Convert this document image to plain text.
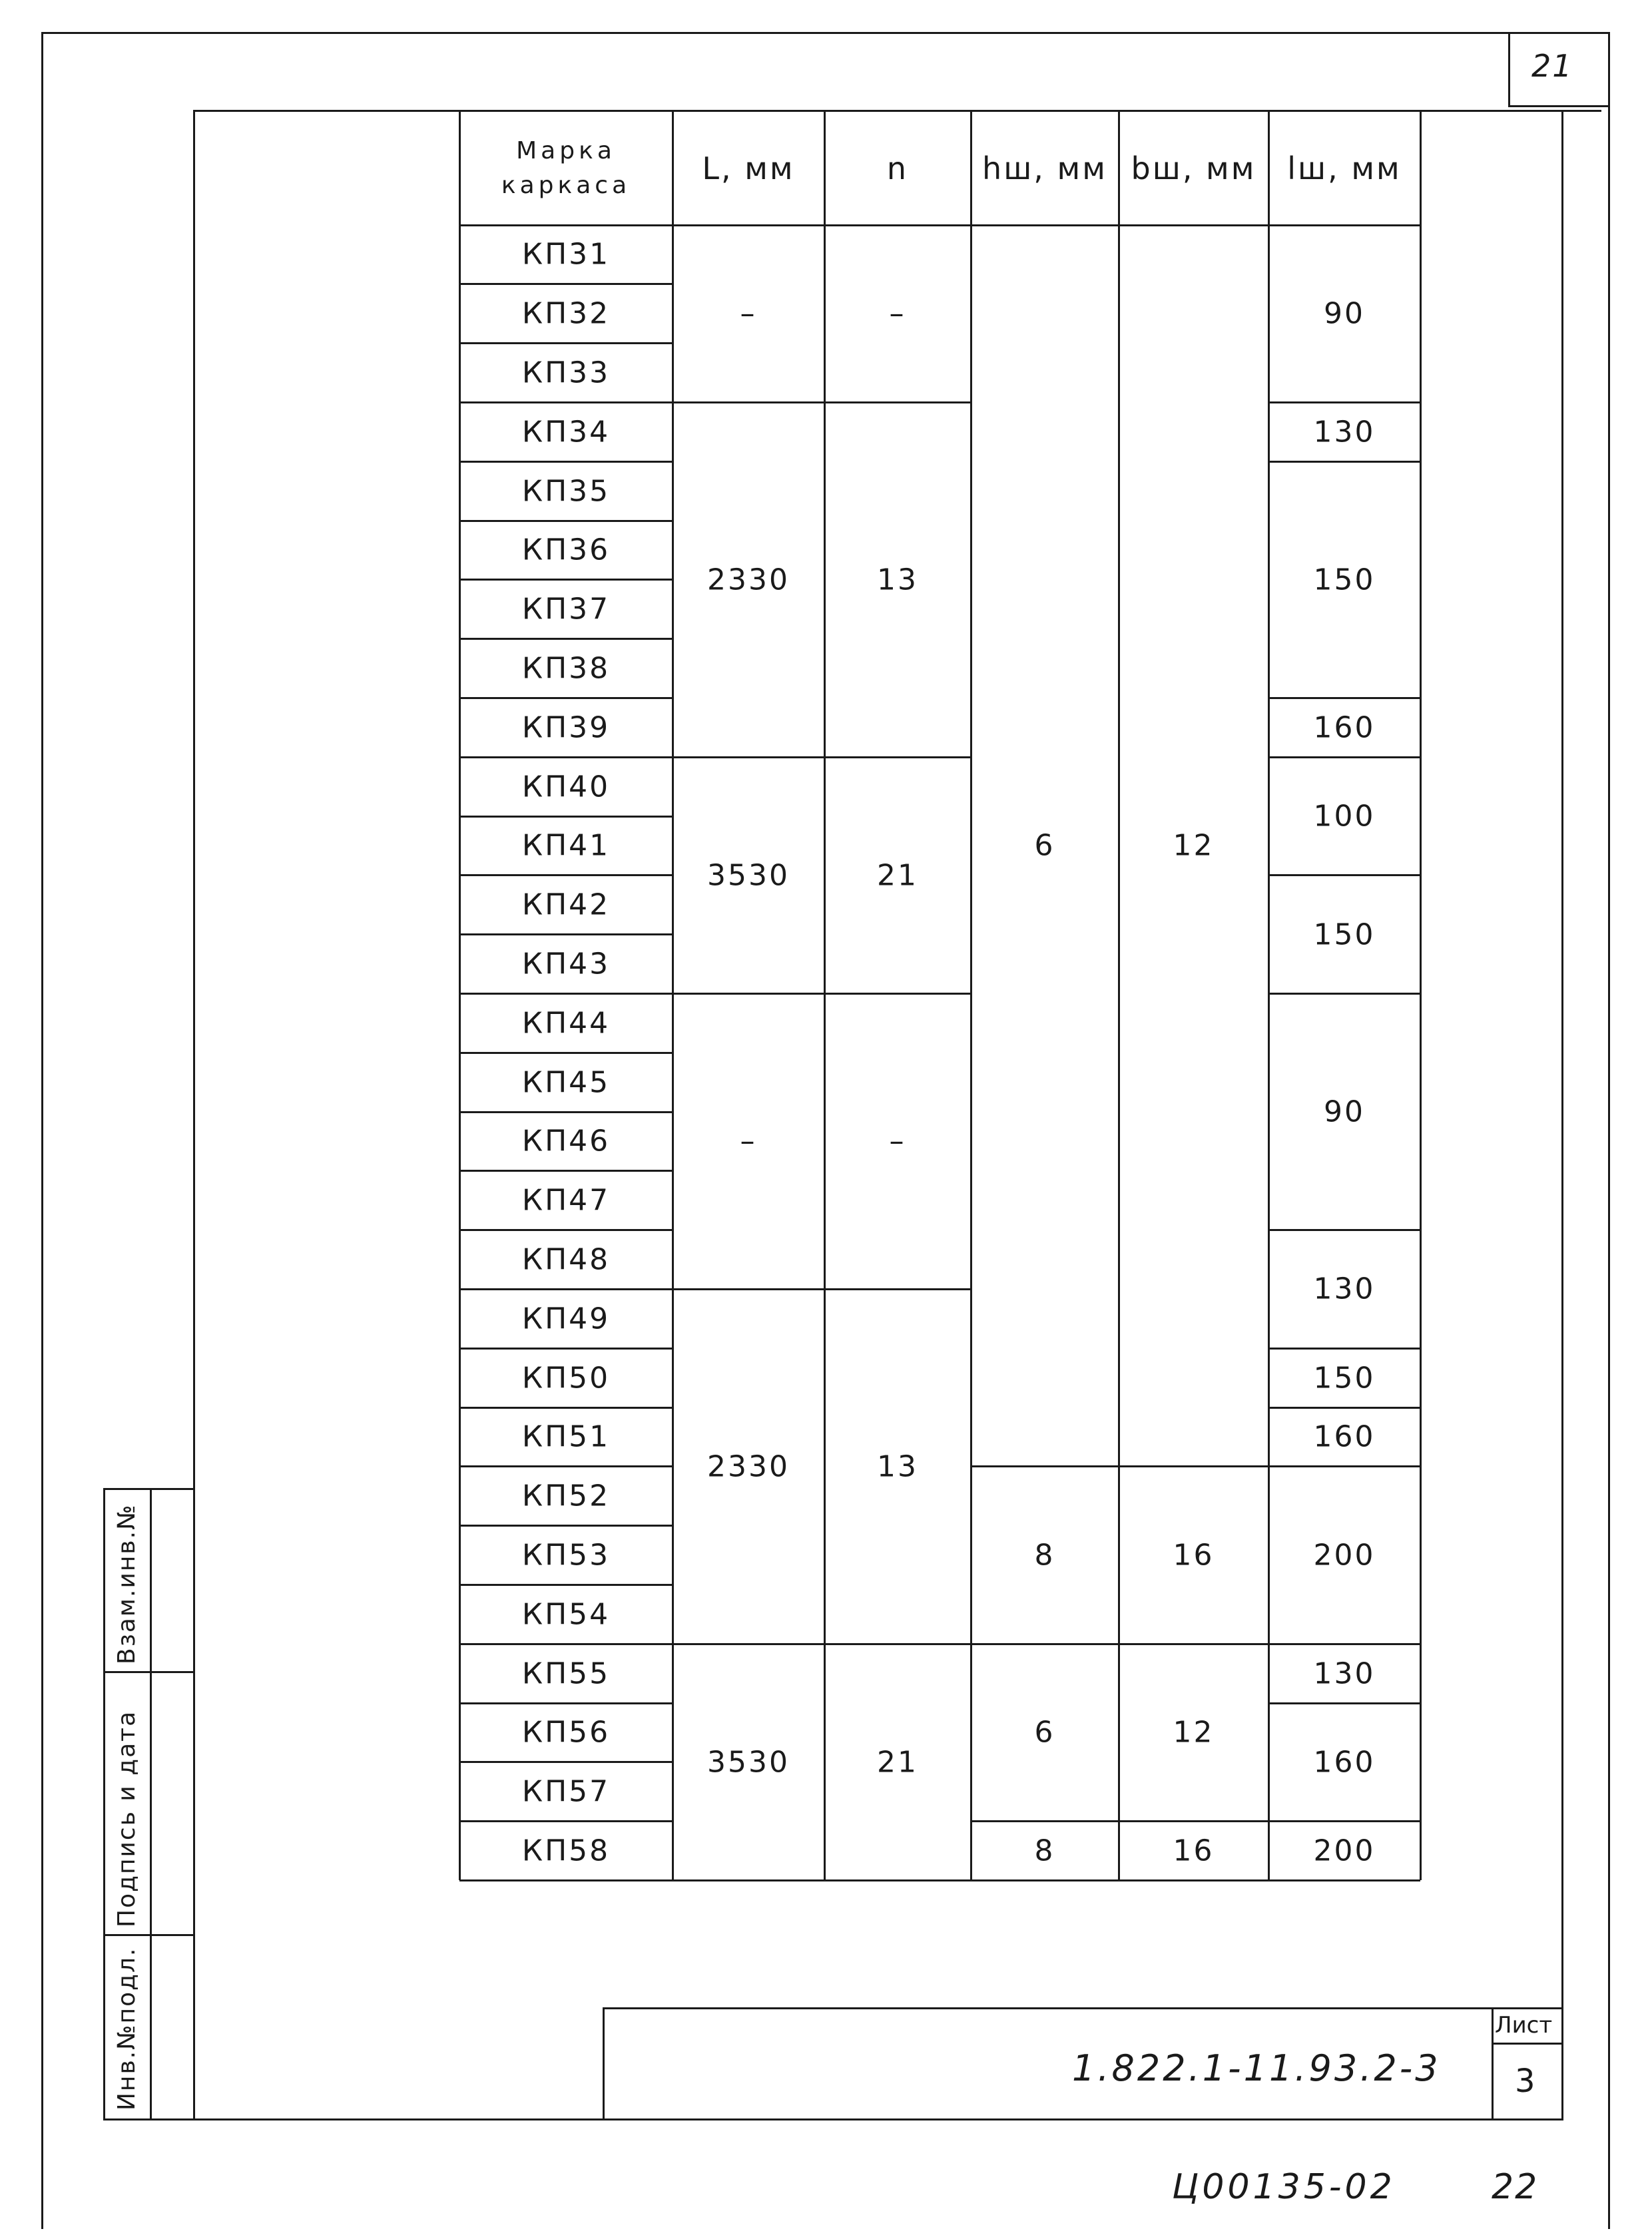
21
Инв.№подл.
Подпись и дата
Взам.инв.№
1.822.1-11.93.2-3
Лист
3
Ц00135-02	22
Марка
каркаса L, мм	n hш, мм bш, мм lш, мм
КП31
КП32
КП33
КП34
КП35
КП36
КП37
КП38
КП39
КП40
КП41
КП42
КП43
КП44
КП45
КП46
КП47
КП48
КП49
КП50
КП51
КП52
КП53
КП54
КП55
КП56
КП57
КП58
–
2330
3530
–
2330
3530
–
13
21
–
13
21
6
8
6
8
12
16
12
16
90
130
150
160
100
150
90
130
150
160
200
130
160
200
